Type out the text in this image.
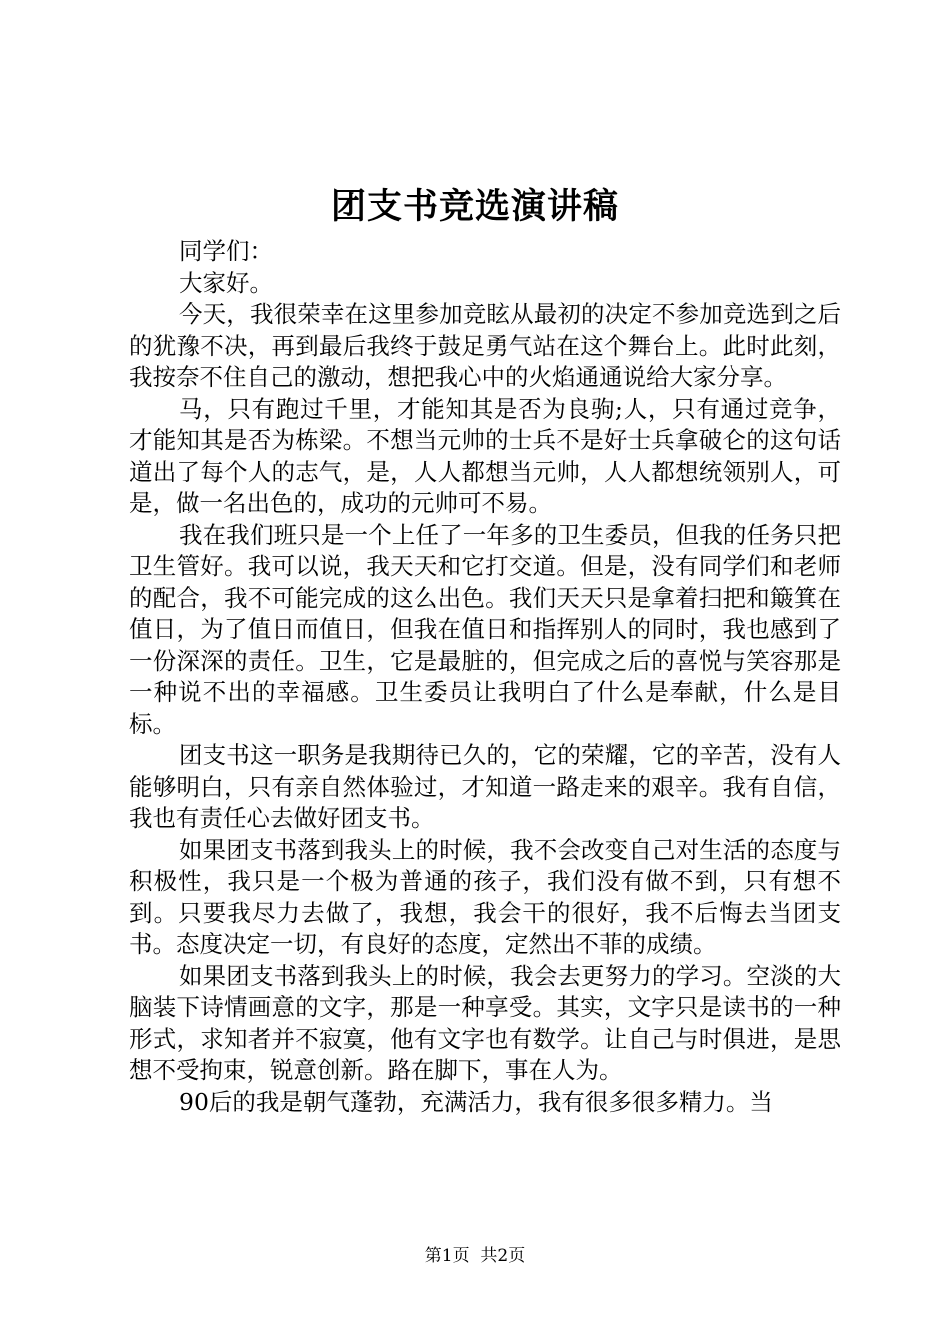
团支书竞选演讲稿

同学们：

大家好。

今天，我很荣幸在这里参加竞眩从最初的决定不参加竞选到之后的犹豫不决，再到最后我终于鼓足勇气站在这个舞台上。此时此刻，我按奈不住自己的激动，想把我心中的火焰通通说给大家分享。

马，只有跑过千里，才能知其是否为良驹;人，只有通过竞争，才能知其是否为栋梁。不想当元帅的士兵不是好士兵拿破仑的这句话道出了每个人的志气，是，人人都想当元帅，人人都想统领别人，可是，做一名出色的，成功的元帅可不易。

我在我们班只是一个上任了一年多的卫生委员，但我的任务只把卫生管好。我可以说，我天天和它打交道。但是，没有同学们和老师的配合，我不可能完成的这么出色。我们天天只是拿着扫把和簸箕在值日，为了值日而值日，但我在值日和指挥别人的同时，我也感到了一份深深的责任。卫生，它是最脏的，但完成之后的喜悦与笑容那是一种说不出的幸福感。卫生委员让我明白了什么是奉献，什么是目标。

团支书这一职务是我期待已久的，它的荣耀，它的辛苦，没有人能够明白，只有亲自然体验过，才知道一路走来的艰辛。我有自信，我也有责任心去做好团支书。

如果团支书落到我头上的时候，我不会改变自己对生活的态度与积极性，我只是一个极为普通的孩子，我们没有做不到，只有想不到。只要我尽力去做了，我想，我会干的很好，我不后悔去当团支书。态度决定一切，有良好的态度，定然出不菲的成绩。

如果团支书落到我头上的时候，我会去更努力的学习。空淡的大脑装下诗情画意的文字，那是一种享受。其实，文字只是读书的一种形式，求知者并不寂寞，他有文字也有数学。让自己与时俱进，是思想不受拘束，锐意创新。路在脚下，事在人为。

90后的我是朝气蓬勃，充满活力，我有很多很多精力。当

第1页  共2页
